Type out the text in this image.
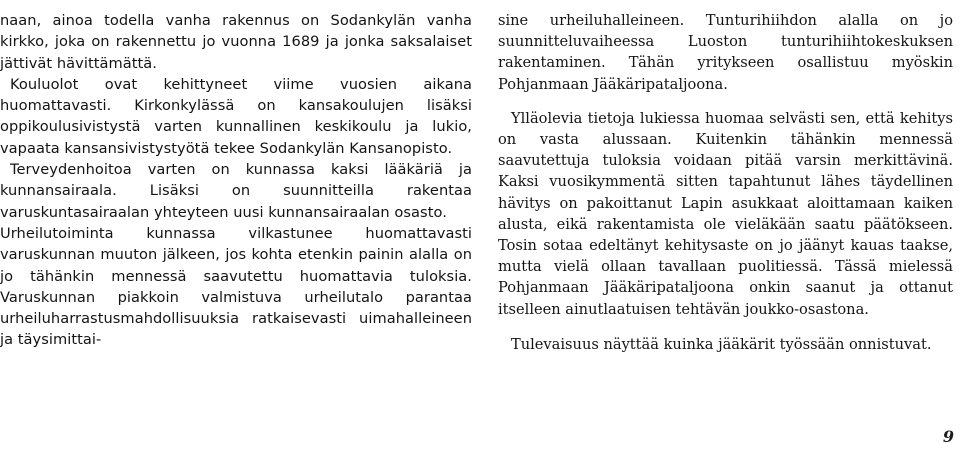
naan, ainoa todella vanha rakennus on Sodankylän vanha kirkko, joka on rakennettu jo vuonna 1689 ja jonka saksalaiset jättivät hävittämättä.

Kouluolot ovat kehittyneet viime vuosien aikana huomattavasti. Kirkonkylässä on kansakoulujen lisäksi oppikoulusivistystä varten kunnallinen keskikoulu ja lukio, vapaata kansansivistystyötä tekee Sodankylän Kansanopisto.

Terveydenhoitoa varten on kunnassa kaksi lääkäriä ja kunnansairaala. Lisäksi on suunnitteilla rakentaa varuskuntasairaalan yhteyteen uusi kunnansairaalan osasto.

Urheilutoiminta kunnassa vilkastunee huomattavasti varuskunnan muuton jälkeen, jos kohta etenkin painin alalla on jo tähänkin mennessä saavutettu huomattavia tuloksia. Varuskunnan piakkoin valmistuva urheilutalo parantaa urheiluharrastusmahdollisuuksia ratkaisevasti uimahalleineen ja täysimittai-

sine urheiluhalleineen. Tunturihiihdon alalla on jo suunnitteluvaiheessa Luoston tunturihiihtokeskuksen rakentaminen. Tähän yritykseen osallistuu myöskin Pohjanmaan Jääkäripataljoona.

Ylläolevia tietoja lukiessa huomaa selvästi sen, että kehitys on vasta alussaan. Kuitenkin tähänkin mennessä saavutettuja tuloksia voidaan pitää varsin merkittävinä. Kaksi vuosikymmentä sitten tapahtunut lähes täydellinen hävitys on pakoittanut Lapin asukkaat aloittamaan kaiken alusta, eikä rakentamista ole vieläkään saatu päätökseen. Tosin sotaa edeltänyt kehitysaste on jo jäänyt kauas taakse, mutta vielä ollaan tavallaan puolitiessä. Tässä mielessä Pohjanmaan Jääkäripataljoona onkin saanut ja ottanut itselleen ainutlaatuisen tehtävän joukko-osastona.

Tulevaisuus näyttää kuinka jääkärit työssään onnistuvat.

9
